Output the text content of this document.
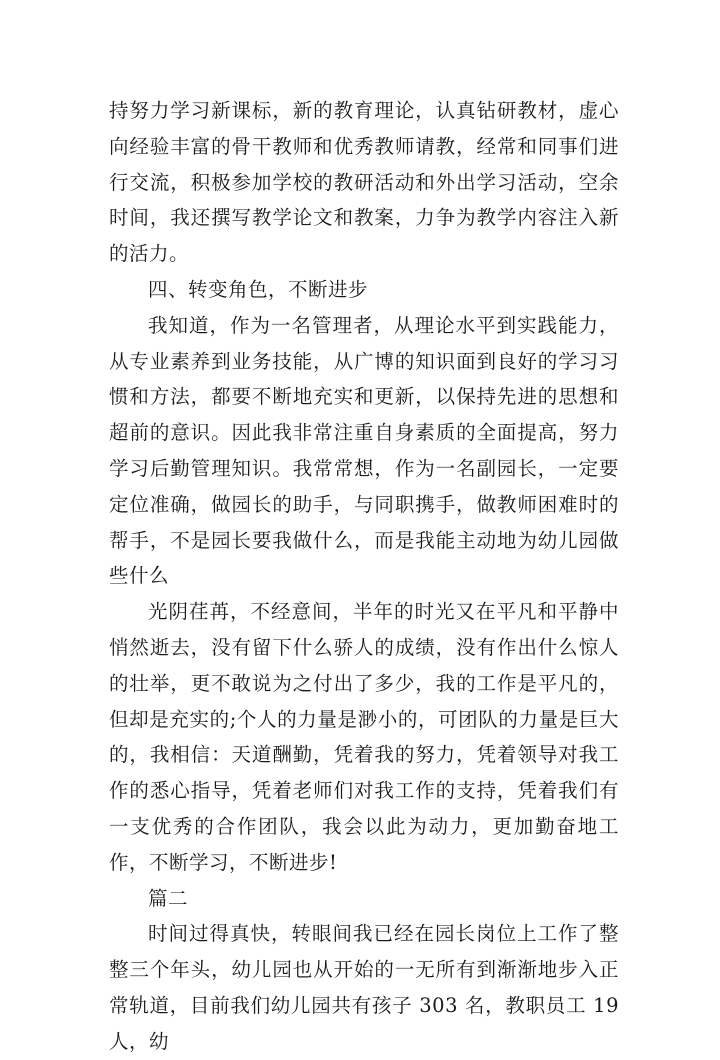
持努力学习新课标，新的教育理论，认真钻研教材，虚心向经验丰富的骨干教师和优秀教师请教，经常和同事们进行交流，积极参加学校的教研活动和外出学习活动，空余时间，我还撰写教学论文和教案，力争为教学内容注入新的活力。

四、转变角色，不断进步

我知道，作为一名管理者，从理论水平到实践能力，从专业素养到业务技能，从广博的知识面到良好的学习习惯和方法，都要不断地充实和更新，以保持先进的思想和超前的意识。因此我非常注重自身素质的全面提高，努力学习后勤管理知识。我常常想，作为一名副园长，一定要定位准确，做园长的助手，与同职携手，做教师困难时的帮手，不是园长要我做什么，而是我能主动地为幼儿园做些什么

光阴荏苒，不经意间，半年的时光又在平凡和平静中悄然逝去，没有留下什么骄人的成绩，没有作出什么惊人的壮举，更不敢说为之付出了多少，我的工作是平凡的，但却是充实的;个人的力量是渺小的，可团队的力量是巨大的，我相信：天道酬勤，凭着我的努力，凭着领导对我工作的悉心指导，凭着老师们对我工作的支持，凭着我们有一支优秀的合作团队，我会以此为动力，更加勤奋地工作，不断学习，不断进步!

篇二

时间过得真快，转眼间我已经在园长岗位上工作了整整三个年头，幼儿园也从开始的一无所有到渐渐地步入正常轨道，目前我们幼儿园共有孩子 303 名，教职员工 19 人，幼
